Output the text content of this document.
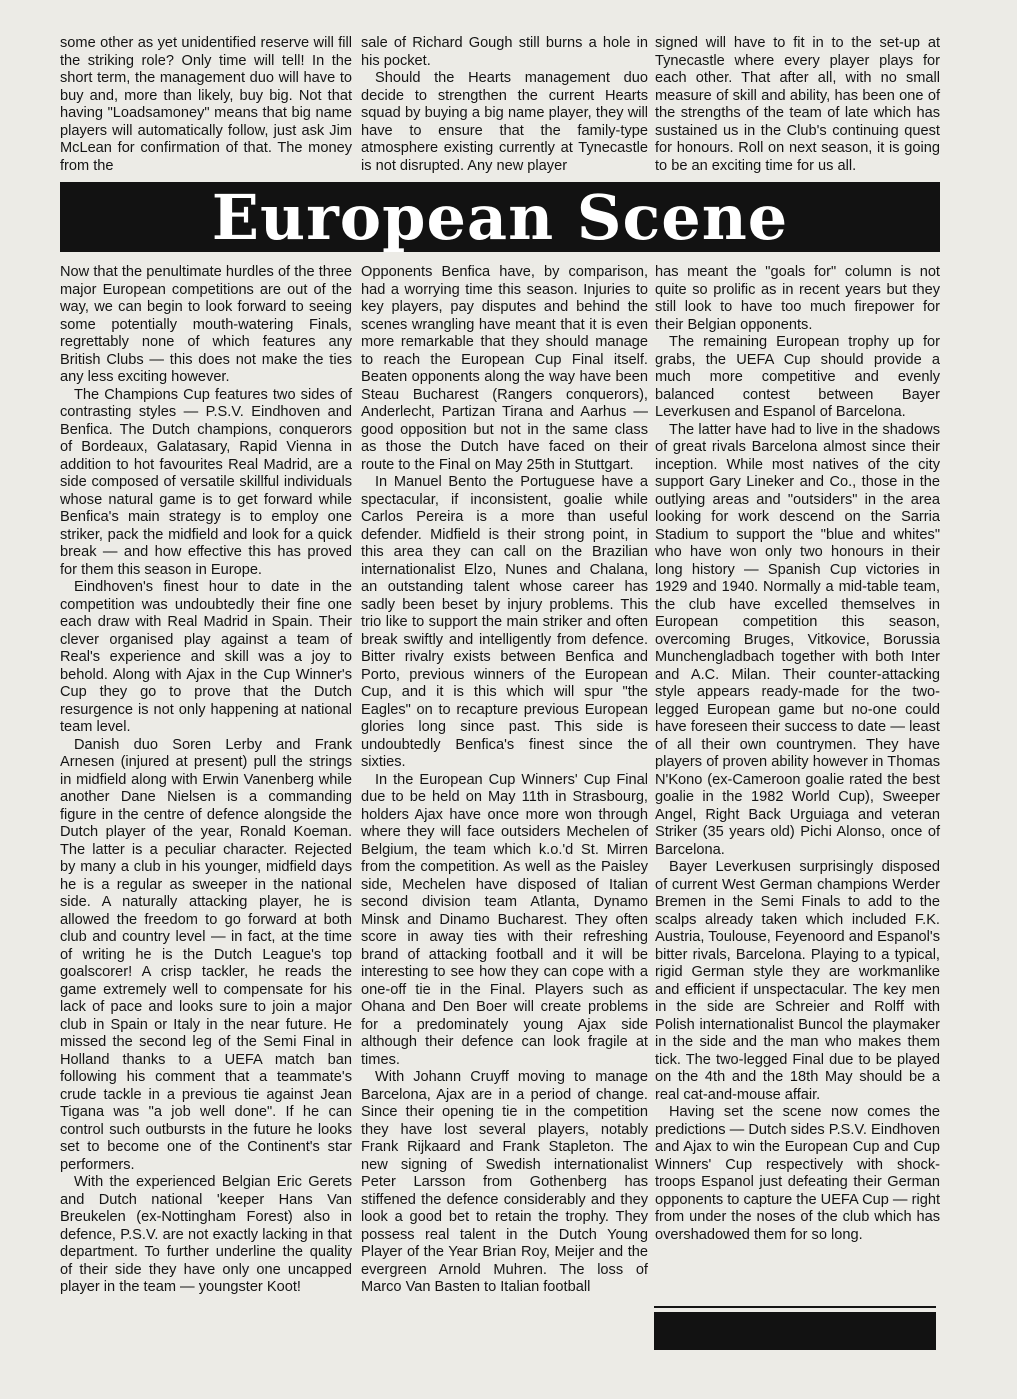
some other as yet unidentified reserve will fill the striking role? Only time will tell! In the short term, the management duo will have to buy and, more than likely, buy big. Not that having "Loadsamoney" means that big name players will automatically follow, just ask Jim McLean for confirmation of that. The money from the

sale of Richard Gough still burns a hole in his pocket.

Should the Hearts management duo decide to strengthen the current Hearts squad by buying a big name player, they will have to ensure that the family-type atmosphere existing currently at Tynecastle is not disrupted. Any new player

signed will have to fit in to the set-up at Tynecastle where every player plays for each other. That after all, with no small measure of skill and ability, has been one of the strengths of the team of late which has sustained us in the Club's continuing quest for honours. Roll on next season, it is going to be an exciting time for us all.

European Scene

Now that the penultimate hurdles of the three major European competitions are out of the way, we can begin to look forward to seeing some potentially mouth-watering Finals, regrettably none of which features any British Clubs — this does not make the ties any less exciting however.

The Champions Cup features two sides of contrasting styles — P.S.V. Eindhoven and Benfica. The Dutch champions, conquerors of Bordeaux, Galatasary, Rapid Vienna in addition to hot favourites Real Madrid, are a side composed of versatile skillful individuals whose natural game is to get forward while Benfica's main strategy is to employ one striker, pack the midfield and look for a quick break — and how effective this has proved for them this season in Europe.

Eindhoven's finest hour to date in the competition was undoubtedly their fine one each draw with Real Madrid in Spain. Their clever organised play against a team of Real's experience and skill was a joy to behold. Along with Ajax in the Cup Winner's Cup they go to prove that the Dutch resurgence is not only happening at national team level.

Danish duo Soren Lerby and Frank Arnesen (injured at present) pull the strings in midfield along with Erwin Vanenberg while another Dane Nielsen is a commanding figure in the centre of defence alongside the Dutch player of the year, Ronald Koeman. The latter is a peculiar character. Rejected by many a club in his younger, midfield days he is a regular as sweeper in the national side. A naturally attacking player, he is allowed the freedom to go forward at both club and country level — in fact, at the time of writing he is the Dutch League's top goalscorer! A crisp tackler, he reads the game extremely well to compensate for his lack of pace and looks sure to join a major club in Spain or Italy in the near future. He missed the second leg of the Semi Final in Holland thanks to a UEFA match ban following his comment that a teammate's crude tackle in a previous tie against Jean Tigana was "a job well done". If he can control such outbursts in the future he looks set to become one of the Continent's star performers.

With the experienced Belgian Eric Gerets and Dutch national 'keeper Hans Van Breukelen (ex-Nottingham Forest) also in defence, P.S.V. are not exactly lacking in that department. To further underline the quality of their side they have only one uncapped player in the team — youngster Koot!

Opponents Benfica have, by comparison, had a worrying time this season. Injuries to key players, pay disputes and behind the scenes wrangling have meant that it is even more remarkable that they should manage to reach the European Cup Final itself. Beaten opponents along the way have been Steau Bucharest (Rangers conquerors), Anderlecht, Partizan Tirana and Aarhus — good opposition but not in the same class as those the Dutch have faced on their route to the Final on May 25th in Stuttgart.

In Manuel Bento the Portuguese have a spectacular, if inconsistent, goalie while Carlos Pereira is a more than useful defender. Midfield is their strong point, in this area they can call on the Brazilian internationalist Elzo, Nunes and Chalana, an outstanding talent whose career has sadly been beset by injury problems. This trio like to support the main striker and often break swiftly and intelligently from defence. Bitter rivalry exists between Benfica and Porto, previous winners of the European Cup, and it is this which will spur "the Eagles" on to recapture previous European glories long since past. This side is undoubtedly Benfica's finest since the sixties.

In the European Cup Winners' Cup Final due to be held on May 11th in Strasbourg, holders Ajax have once more won through where they will face outsiders Mechelen of Belgium, the team which k.o.'d St. Mirren from the competition. As well as the Paisley side, Mechelen have disposed of Italian second division team Atlanta, Dynamo Minsk and Dinamo Bucharest. They often score in away ties with their refreshing brand of attacking football and it will be interesting to see how they can cope with a one-off tie in the Final. Players such as Ohana and Den Boer will create problems for a predominately young Ajax side although their defence can look fragile at times.

With Johann Cruyff moving to manage Barcelona, Ajax are in a period of change. Since their opening tie in the competition they have lost several players, notably Frank Rijkaard and Frank Stapleton. The new signing of Swedish internationalist Peter Larsson from Gothenberg has stiffened the defence considerably and they look a good bet to retain the trophy. They possess real talent in the Dutch Young Player of the Year Brian Roy, Meijer and the evergreen Arnold Muhren. The loss of Marco Van Basten to Italian football

has meant the "goals for" column is not quite so prolific as in recent years but they still look to have too much firepower for their Belgian opponents.

The remaining European trophy up for grabs, the UEFA Cup should provide a much more competitive and evenly balanced contest between Bayer Leverkusen and Espanol of Barcelona.

The latter have had to live in the shadows of great rivals Barcelona almost since their inception. While most natives of the city support Gary Lineker and Co., those in the outlying areas and "outsiders" in the area looking for work descend on the Sarria Stadium to support the "blue and whites" who have won only two honours in their long history — Spanish Cup victories in 1929 and 1940. Normally a mid-table team, the club have excelled themselves in European competition this season, overcoming Bruges, Vitkovice, Borussia Munchengladbach together with both Inter and A.C. Milan. Their counter-attacking style appears ready-made for the two-legged European game but no-one could have foreseen their success to date — least of all their own countrymen. They have players of proven ability however in Thomas N'Kono (ex-Cameroon goalie rated the best goalie in the 1982 World Cup), Sweeper Angel, Right Back Urguiaga and veteran Striker (35 years old) Pichi Alonso, once of Barcelona.

Bayer Leverkusen surprisingly disposed of current West German champions Werder Bremen in the Semi Finals to add to the scalps already taken which included F.K. Austria, Toulouse, Feyenoord and Espanol's bitter rivals, Barcelona. Playing to a typical, rigid German style they are workmanlike and efficient if unspectacular. The key men in the side are Schreier and Rolff with Polish internationalist Buncol the playmaker in the side and the man who makes them tick. The two-legged Final due to be played on the 4th and the 18th May should be a real cat-and-mouse affair.

Having set the scene now comes the predictions — Dutch sides P.S.V. Eindhoven and Ajax to win the European Cup and Cup Winners' Cup respectively with shock-troops Espanol just defeating their German opponents to capture the UEFA Cup — right from under the noses of the club which has overshadowed them for so long.
